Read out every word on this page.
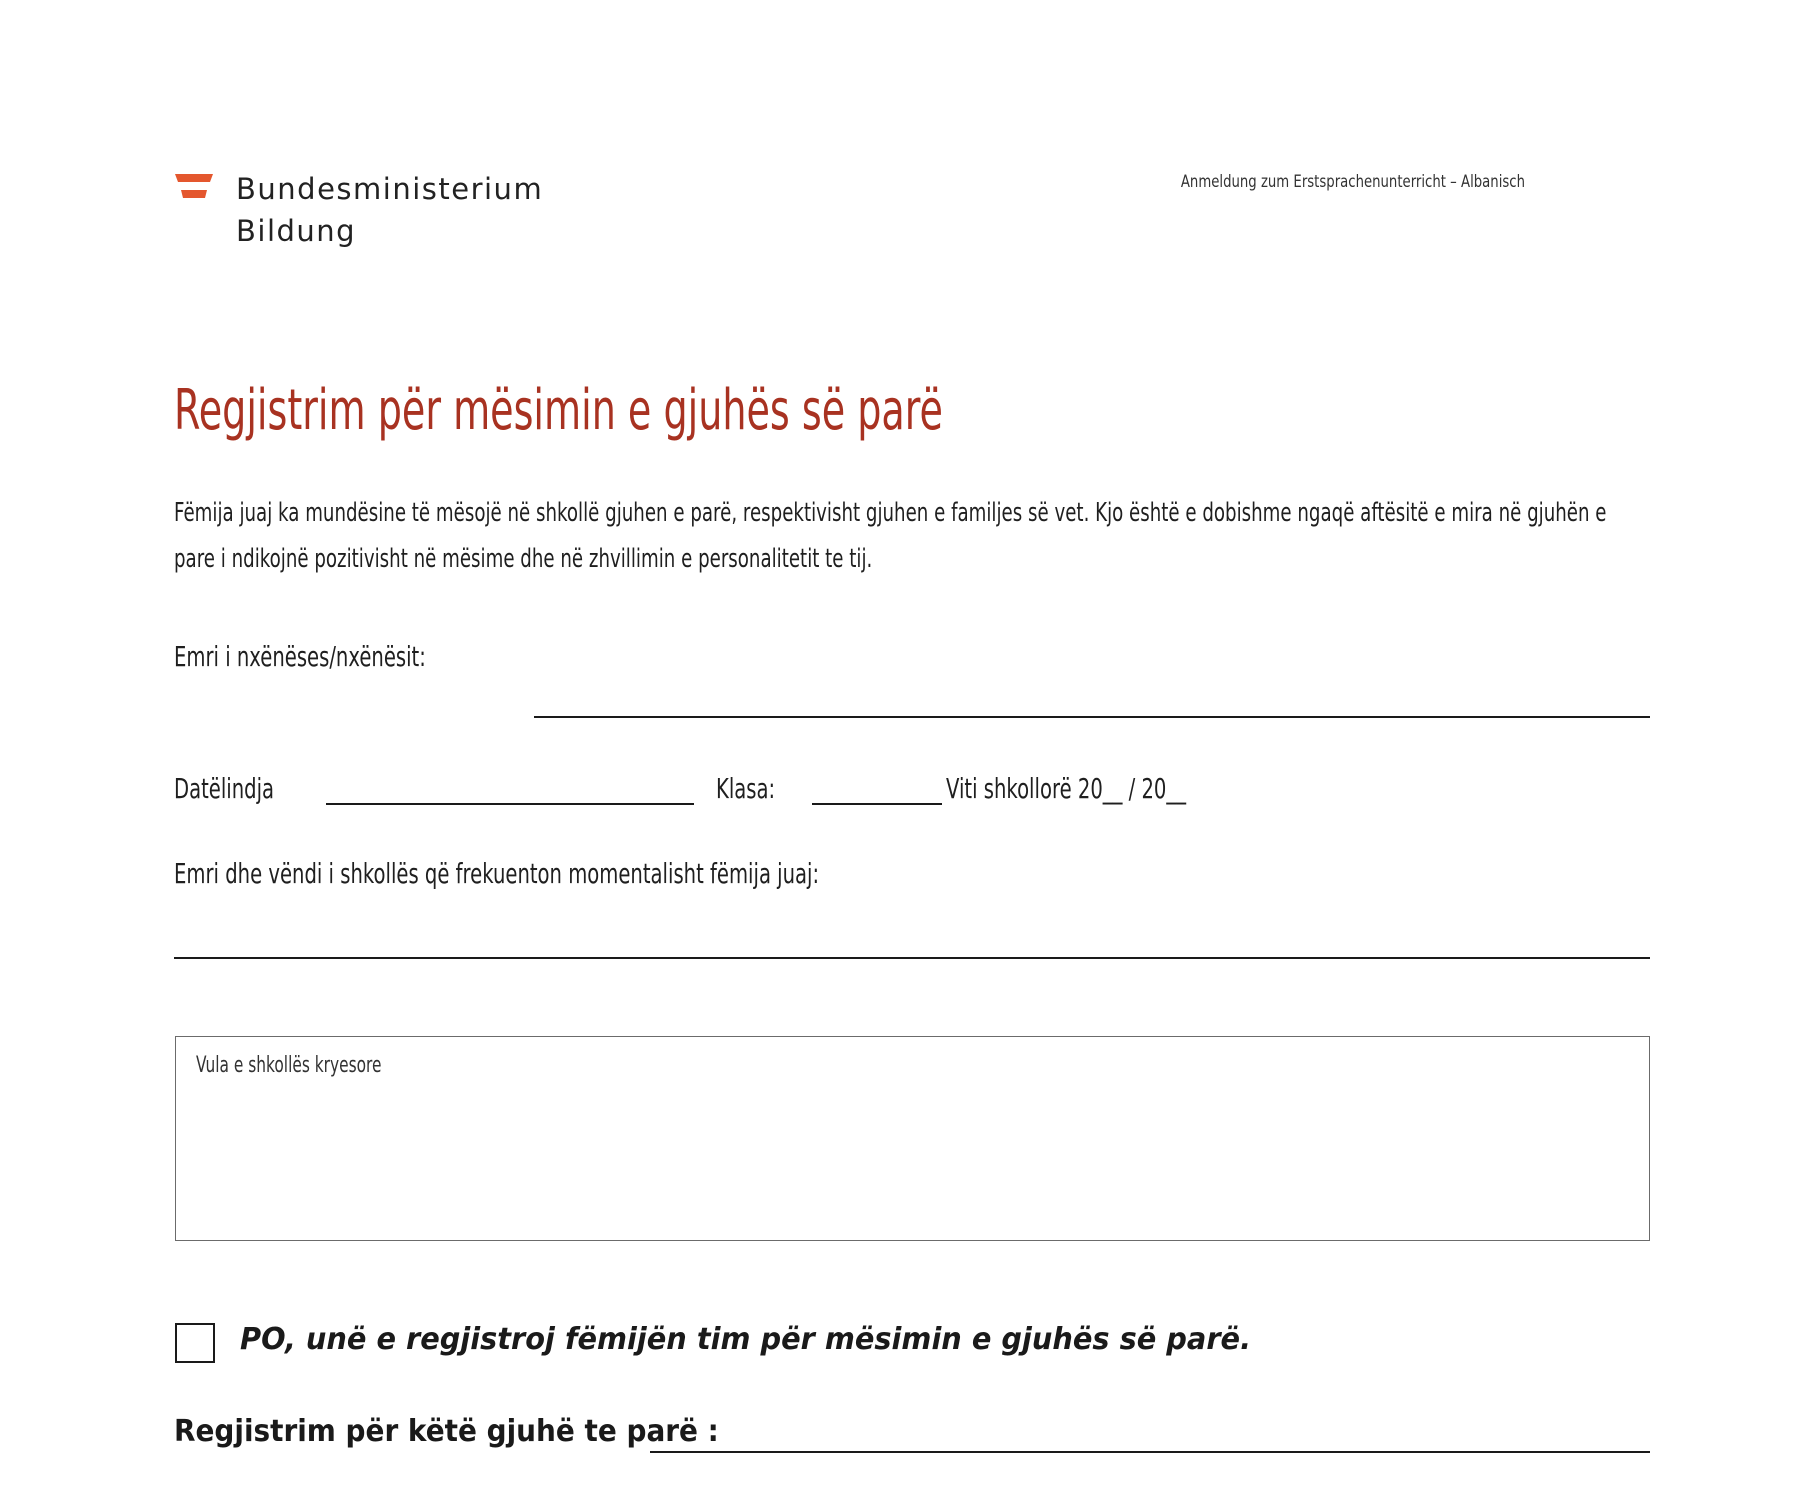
Bundesministerium
Bildung
Anmeldung zum Erstsprachenunterricht – Albanisch
Regjistrim për mësimin e gjuhës së parë
Fëmija juaj ka mundësine të mësojë në shkollë gjuhen e parë, respektivisht gjuhen e familjes së vet. Kjo është e dobishme ngaqë aftësitë e mira në gjuhën e pare i ndikojnë pozitivisht në mësime dhe në zhvillimin e personalitetit te tij.
Emri i nxënëses/nxënësit:
Datëlindja	Klasa:	Viti shkollorë 20__ / 20__
Emri dhe vëndi i shkollës që frekuenton momentalisht fëmija juaj:
Vula e shkollës kryesore
PO, unë e regjistroj fëmijën tim për mësimin e gjuhës së parë.
Regjistrim për këtë gjuhë te parë :
